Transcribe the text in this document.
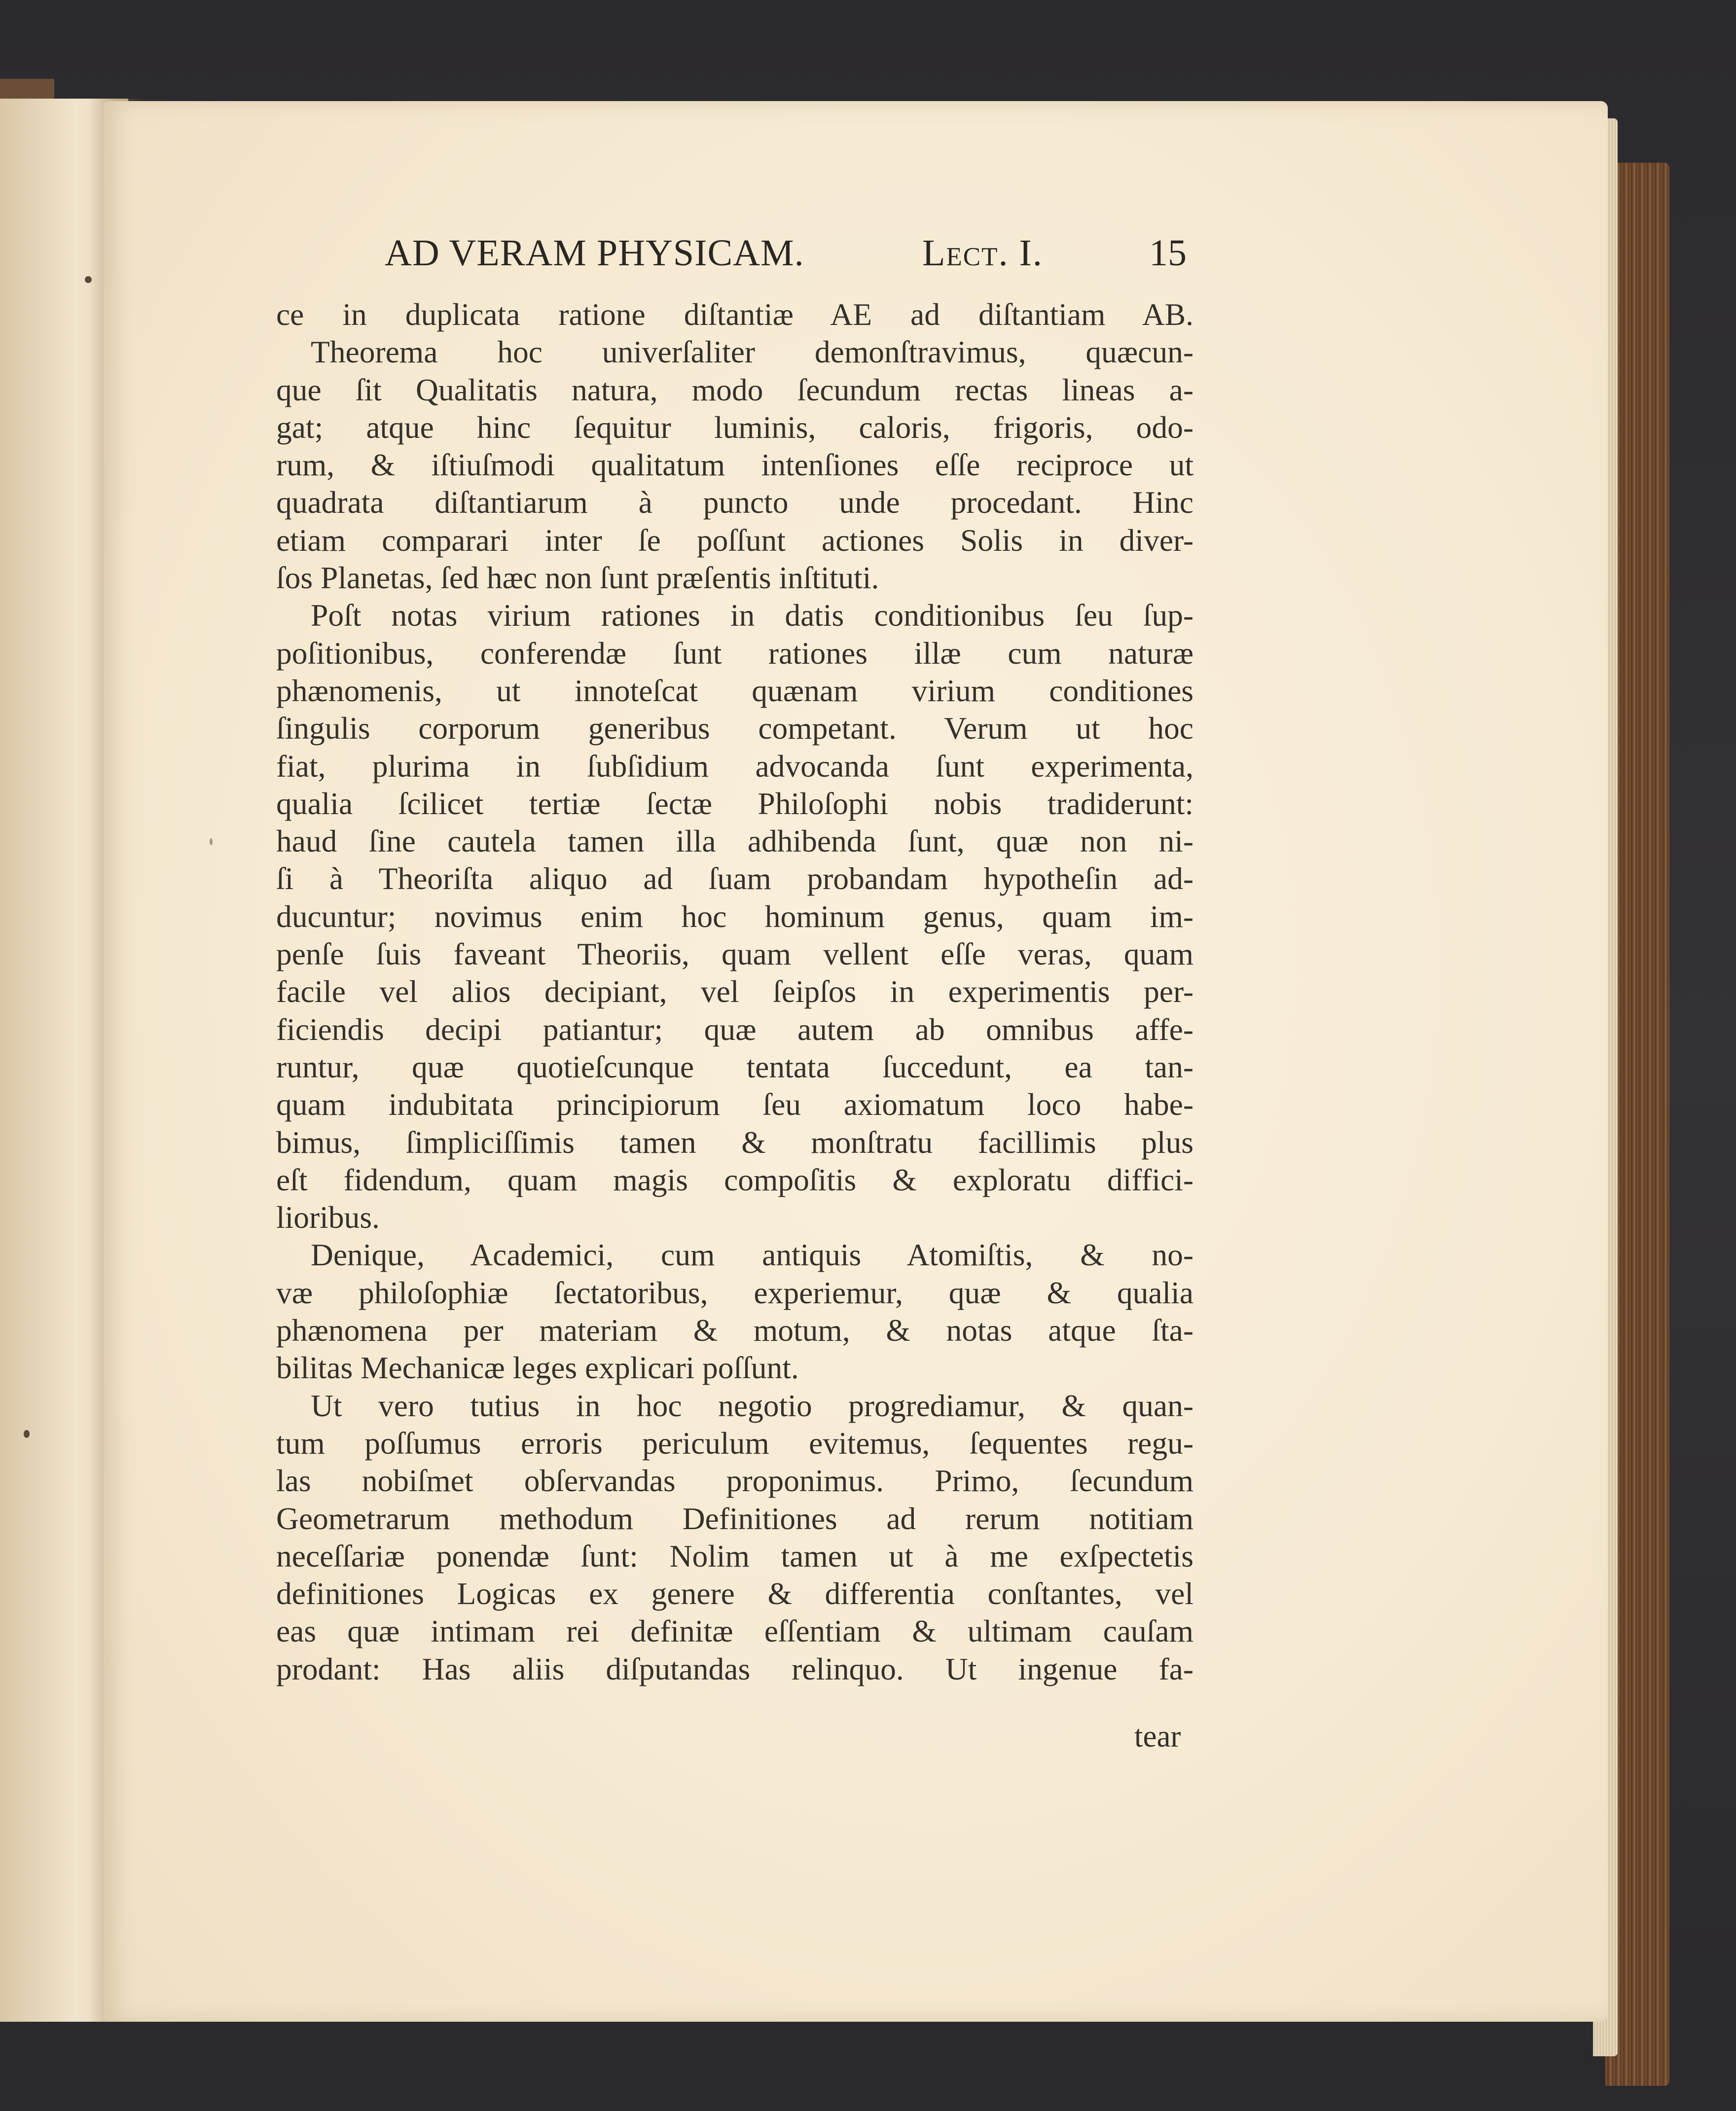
AD VERAM PHYSICAM.	Lect. I.	15
ce in duplicata ratione diſtantiæ AE ad diſtantiam AB.
Theorema hoc univerſaliter demonſtravimus, quæcun-
que ſit Qualitatis natura, modo ſecundum rectas lineas a-
gat; atque hinc ſequitur luminis, caloris, frigoris, odo-
rum, & iſtiuſmodi qualitatum intenſiones eſſe reciproce ut
quadrata diſtantiarum à puncto unde procedant. Hinc
etiam comparari inter ſe poſſunt actiones Solis in diver-
ſos Planetas, ſed hæc non ſunt præſentis inſtituti.
Poſt notas virium rationes in datis conditionibus ſeu ſup-
poſitionibus, conferendæ ſunt rationes illæ cum naturæ
phænomenis, ut innoteſcat quænam virium conditiones
ſingulis corporum generibus competant. Verum ut hoc
fiat, plurima in ſubſidium advocanda ſunt experimenta,
qualia ſcilicet tertiæ ſectæ Philoſophi nobis tradiderunt:
haud ſine cautela tamen illa adhibenda ſunt, quæ non ni-
ſi à Theoriſta aliquo ad ſuam probandam hypotheſin ad-
ducuntur; novimus enim hoc hominum genus, quam im-
penſe ſuis faveant Theoriis, quam vellent eſſe veras, quam
facile vel alios decipiant, vel ſeipſos in experimentis per-
ficiendis decipi patiantur; quæ autem ab omnibus affe-
runtur, quæ quotieſcunque tentata ſuccedunt, ea tan-
quam indubitata principiorum ſeu axiomatum loco habe-
bimus, ſimpliciſſimis tamen & monſtratu facillimis plus
eſt fidendum, quam magis compoſitis & exploratu diffici-
lioribus.
Denique, Academici, cum antiquis Atomiſtis, & no-
væ philoſophiæ ſectatoribus, experiemur, quæ & qualia
phænomena per materiam & motum, & notas atque ſta-
bilitas Mechanicæ leges explicari poſſunt.
Ut vero tutius in hoc negotio progrediamur, & quan-
tum poſſumus erroris periculum evitemus, ſequentes regu-
las nobiſmet obſervandas proponimus. Primo, ſecundum
Geometrarum methodum Definitiones ad rerum notitiam
neceſſariæ ponendæ ſunt: Nolim tamen ut à me exſpectetis
definitiones Logicas ex genere & differentia conſtantes, vel
eas quæ intimam rei definitæ eſſentiam & ultimam cauſam
prodant: Has aliis diſputandas relinquo. Ut ingenue fa-
tear
